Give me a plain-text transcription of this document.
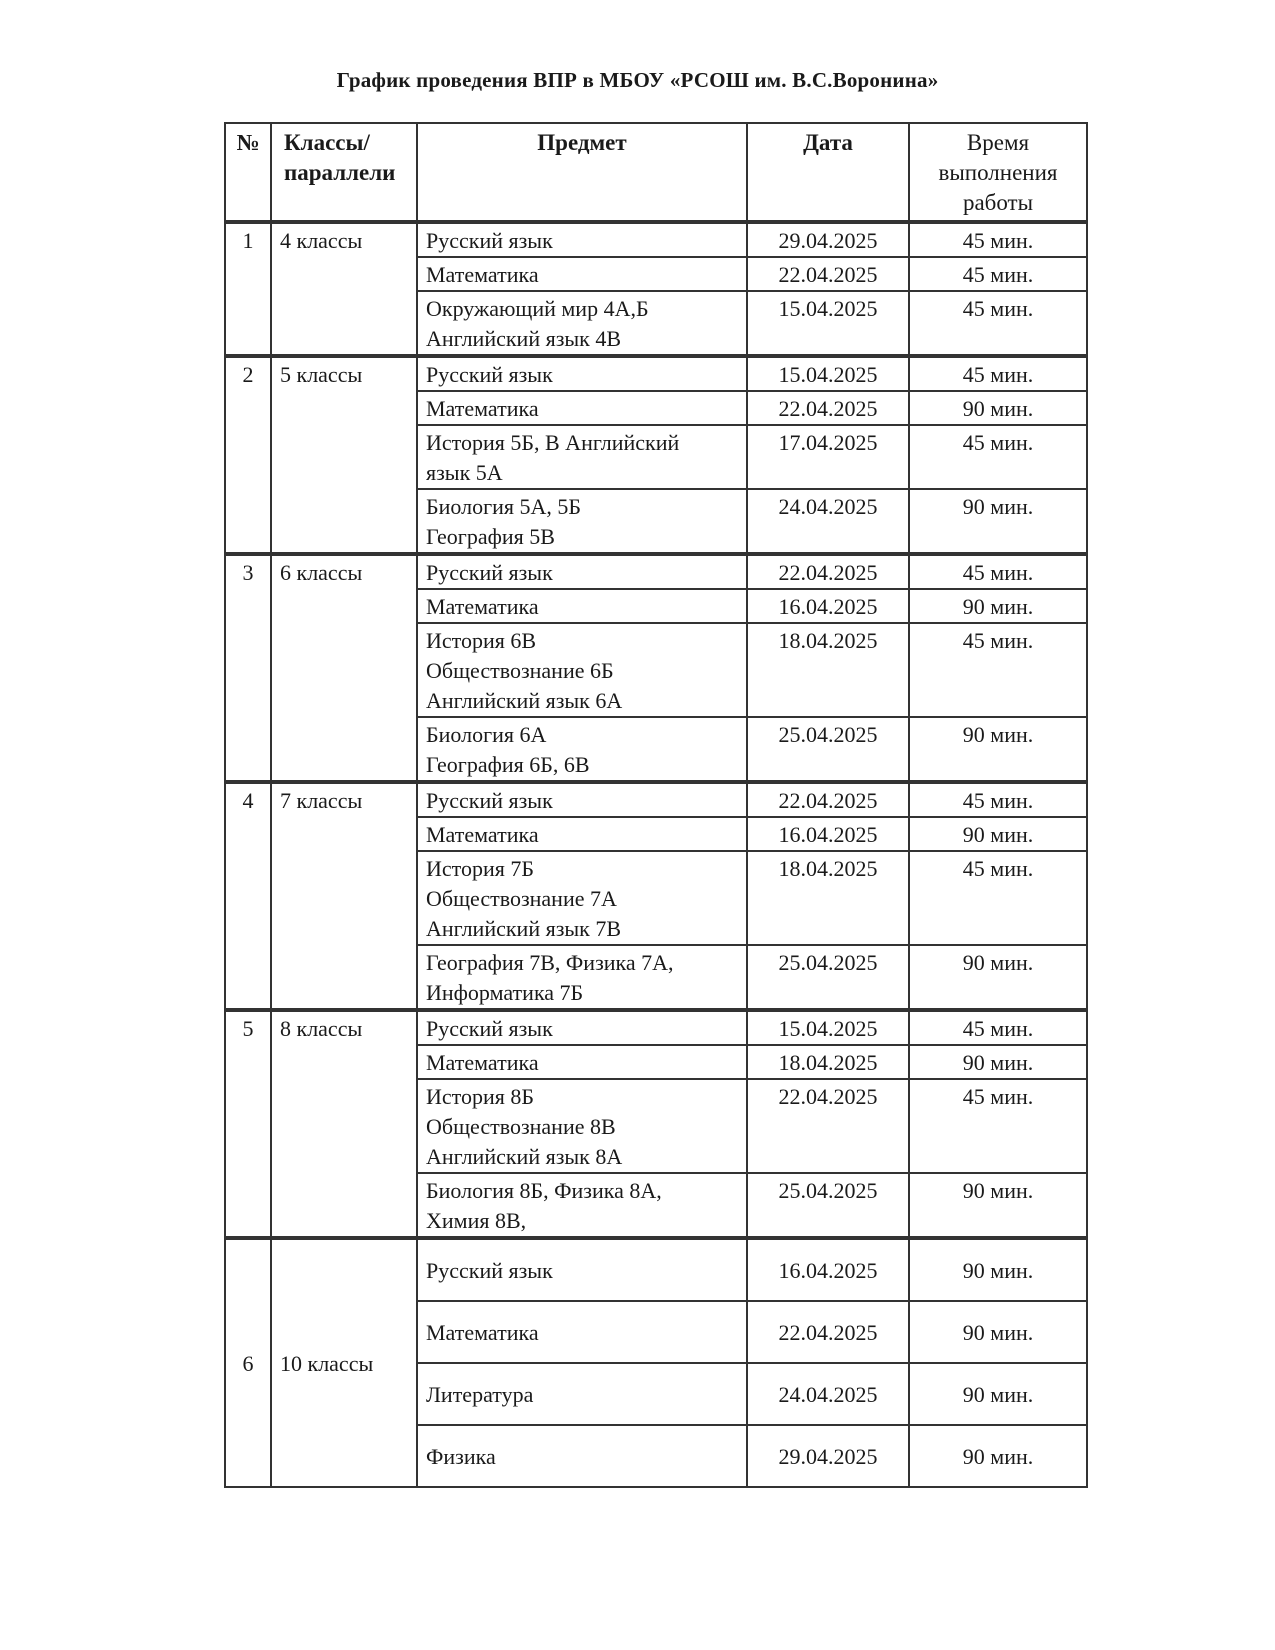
График проведения ВПР в МБОУ «РСОШ им. В.С.Воронина»
№	Классы/
параллели	Предмет	Дата	Время
выполнения
работы

1	4 классы	Русский язык	29.04.2025	45 мин.

		Математика	22.04.2025	45 мин.

		Окружающий мир 4А,Б
Английский язык 4В	15.04.2025	45 мин.
2	5 классы	Русский язык	15.04.2025	45 мин.

		Математика	22.04.2025	90 мин.

		История 5Б, В Английский
язык 5А	17.04.2025	45 мин.

		Биология 5А, 5Б
География 5В	24.04.2025	90 мин.
3	6 классы	Русский язык	22.04.2025	45 мин.

		Математика	16.04.2025	90 мин.

		История 6В
Обществознание 6Б
Английский язык 6А	18.04.2025	45 мин.

		Биология 6А
География 6Б, 6В	25.04.2025	90 мин.
4	7 классы	Русский язык	22.04.2025	45 мин.

		Математика	16.04.2025	90 мин.

		История 7Б
Обществознание 7А
Английский язык 7В	18.04.2025	45 мин.

		География 7В, Физика 7А,
Информатика 7Б	25.04.2025	90 мин.
5	8 классы	Русский язык	15.04.2025	45 мин.

		Математика	18.04.2025	90 мин.

		История 8Б
Обществознание 8В
Английский язык 8А	22.04.2025	45 мин.

		Биология 8Б, Физика 8А,
Химия 8В,	25.04.2025	90 мин.
6	10 классы	Русский язык	16.04.2025	90 мин.

		Математика	22.04.2025	90 мин.

		Литература	24.04.2025	90 мин.

		Физика	29.04.2025	90 мин.
